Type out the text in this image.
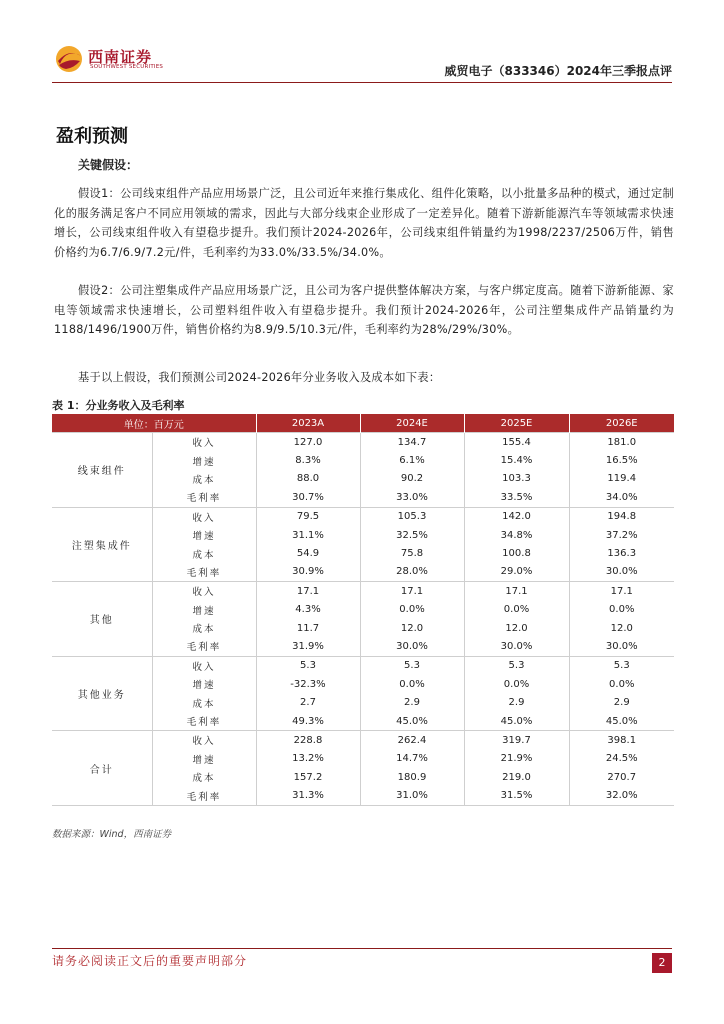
西南证券
SOUTHWEST SECURITIES	威贸电子（833346）2024年三季报点评
盈利预测
关键假设：
假设1：公司线束组件产品应用场景广泛，且公司近年来推行集成化、组件化策略，以小批量多品种的模式，通过定制化的服务满足客户不同应用领域的需求，因此与大部分线束企业形成了一定差异化。随着下游新能源汽车等领域需求快速增长，公司线束组件收入有望稳步提升。我们预计2024-2026年，公司线束组件销量约为1998/2237/2506万件，销售价格约为6.7/6.9/7.2元/件，毛利率约为33.0%/33.5%/34.0%。
假设2：公司注塑集成件产品应用场景广泛，且公司为客户提供整体解决方案，与客户绑定度高。随着下游新能源、家电等领域需求快速增长，公司塑料组件收入有望稳步提升。我们预计2024-2026年，公司注塑集成件产品销量约为1188/1496/1900万件，销售价格约为8.9/9.5/10.3元/件，毛利率约为28%/29%/30%。
基于以上假设，我们预测公司2024-2026年分业务收入及成本如下表：
表 1：分业务收入及毛利率
单位：百万元		2023A	2024E	2025E	2026E
线束组件	收入	127.0	134.7	155.4	181.0
	增速	8.3%	6.1%	15.4%	16.5%
	成本	88.0	90.2	103.3	119.4
	毛利率	30.7%	33.0%	33.5%	34.0%
注塑集成件	收入	79.5	105.3	142.0	194.8
	增速	31.1%	32.5%	34.8%	37.2%
	成本	54.9	75.8	100.8	136.3
	毛利率	30.9%	28.0%	29.0%	30.0%
其他	收入	17.1	17.1	17.1	17.1
	增速	4.3%	0.0%	0.0%	0.0%
	成本	11.7	12.0	12.0	12.0
	毛利率	31.9%	30.0%	30.0%	30.0%
其他业务	收入	5.3	5.3	5.3	5.3
	增速	-32.3%	0.0%	0.0%	0.0%
	成本	2.7	2.9	2.9	2.9
	毛利率	49.3%	45.0%	45.0%	45.0%
合计	收入	228.8	262.4	319.7	398.1
	增速	13.2%	14.7%	21.9%	24.5%
	成本	157.2	180.9	219.0	270.7
	毛利率	31.3%	31.0%	31.5%	32.0%
数据来源：Wind，西南证券
请务必阅读正文后的重要声明部分	2
